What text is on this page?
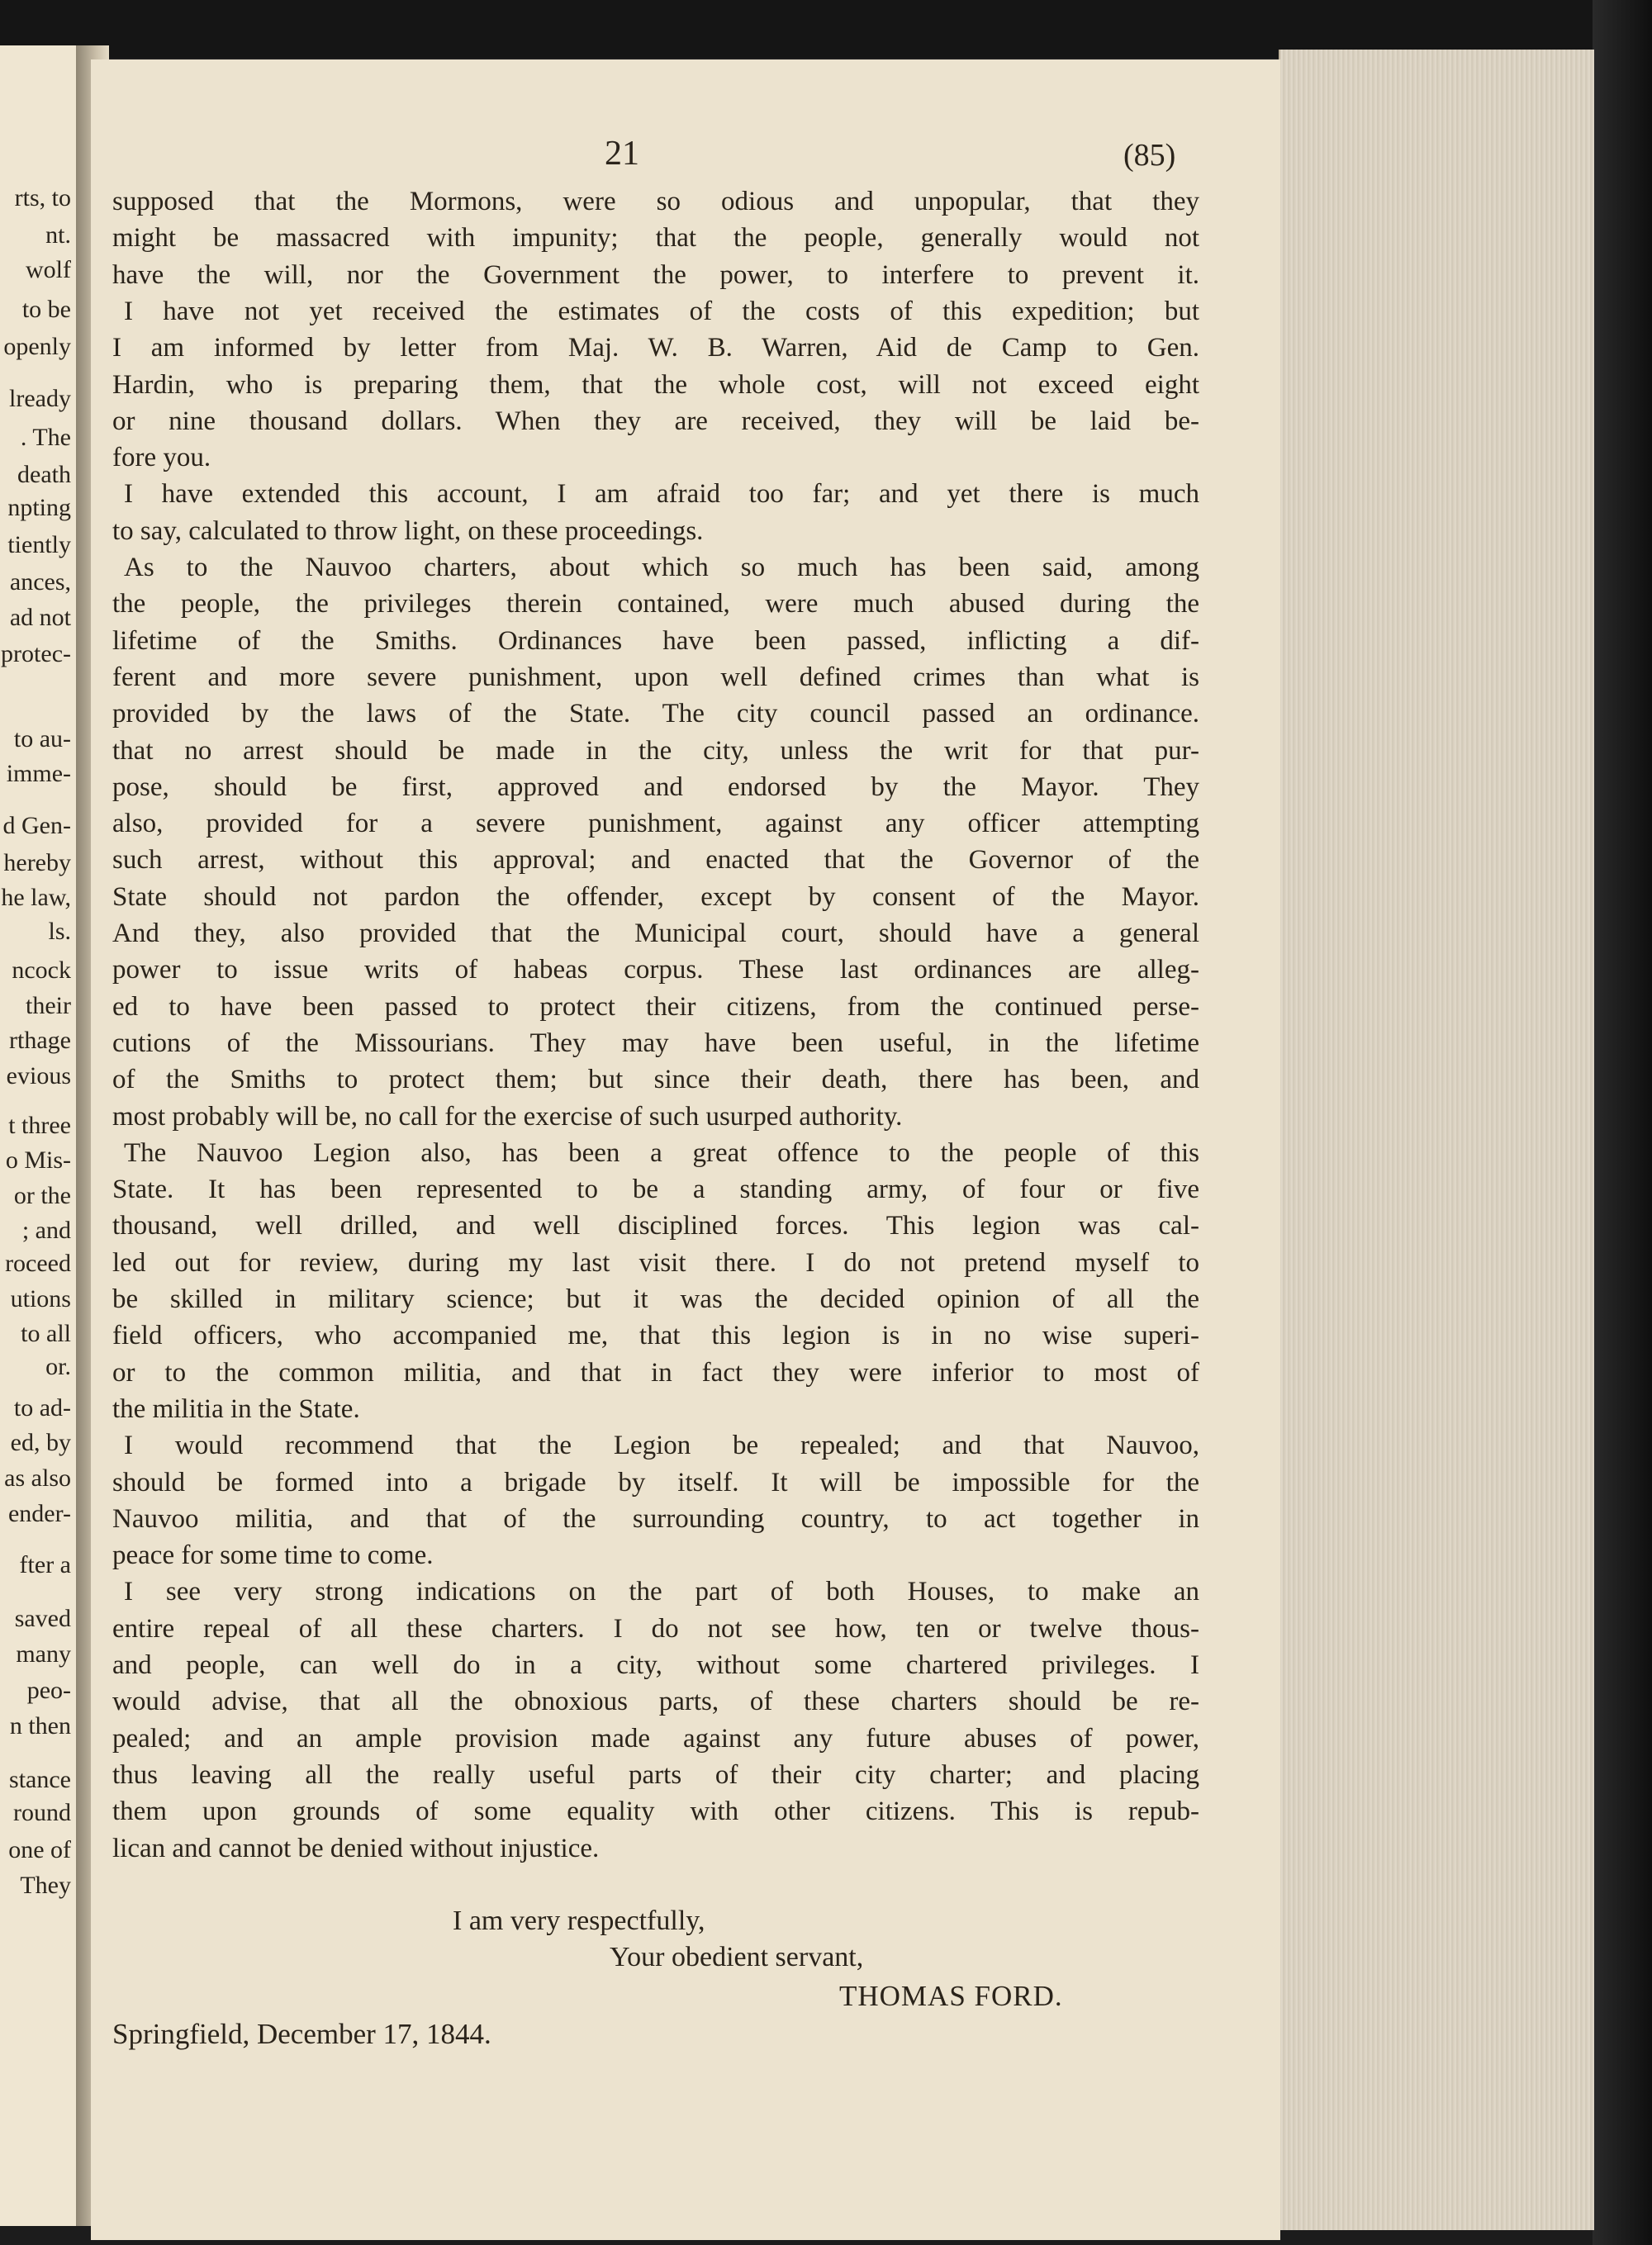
rts, to
nt.
wolf
to be
openly
lready
. The
death
npting
tiently
ances,
ad not
protec-
to au-
imme-
d Gen-
hereby
he law,
ls.
ncock
their
rthage
evious
t three
o Mis-
or the
; and
roceed
utions
to all
or.
to ad-
ed, by
as also
ender-
fter a
saved
many
peo-
n then
stance
round
one of
They
21	(85)
supposed that the Mormons, were so odious and unpopular, that they
might be massacred with impunity; that the people, generally would not
have the will, nor the Government the power, to interfere to prevent it.
I have not yet received the estimates of the costs of this expedition; but
I am informed by letter from Maj. W. B. Warren, Aid de Camp to Gen.
Hardin, who is preparing them, that the whole cost, will not exceed eight
or nine thousand dollars. When they are received, they will be laid be-
fore you.
I have extended this account, I am afraid too far; and yet there is much
to say, calculated to throw light, on these proceedings.
As to the Nauvoo charters, about which so much has been said, among
the people, the privileges therein contained, were much abused during the
lifetime of the Smiths. Ordinances have been passed, inflicting a dif-
ferent and more severe punishment, upon well defined crimes than what is
provided by the laws of the State. The city council passed an ordinance.
that no arrest should be made in the city, unless the writ for that pur-
pose, should be first, approved and endorsed by the Mayor. They
also, provided for a severe punishment, against any officer attempting
such arrest, without this approval; and enacted that the Governor of the
State should not pardon the offender, except by consent of the Mayor.
And they, also provided that the Municipal court, should have a general
power to issue writs of habeas corpus. These last ordinances are alleg-
ed to have been passed to protect their citizens, from the continued perse-
cutions of the Missourians. They may have been useful, in the lifetime
of the Smiths to protect them; but since their death, there has been, and
most probably will be, no call for the exercise of such usurped authority.
The Nauvoo Legion also, has been a great offence to the people of this
State. It has been represented to be a standing army, of four or five
thousand, well drilled, and well disciplined forces. This legion was cal-
led out for review, during my last visit there. I do not pretend myself to
be skilled in military science; but it was the decided opinion of all the
field officers, who accompanied me, that this legion is in no wise superi-
or to the common militia, and that in fact they were inferior to most of
the militia in the State.
I would recommend that the Legion be repealed; and that Nauvoo,
should be formed into a brigade by itself. It will be impossible for the
Nauvoo militia, and that of the surrounding country, to act together in
peace for some time to come.
I see very strong indications on the part of both Houses, to make an
entire repeal of all these charters. I do not see how, ten or twelve thous-
and people, can well do in a city, without some chartered privileges. I
would advise, that all the obnoxious parts, of these charters should be re-
pealed; and an ample provision made against any future abuses of power,
thus leaving all the really useful parts of their city charter; and placing
them upon grounds of some equality with other citizens. This is repub-
lican and cannot be denied without injustice.
I am very respectfully,
Your obedient servant,
THOMAS FORD.
Springfield, December 17, 1844.
